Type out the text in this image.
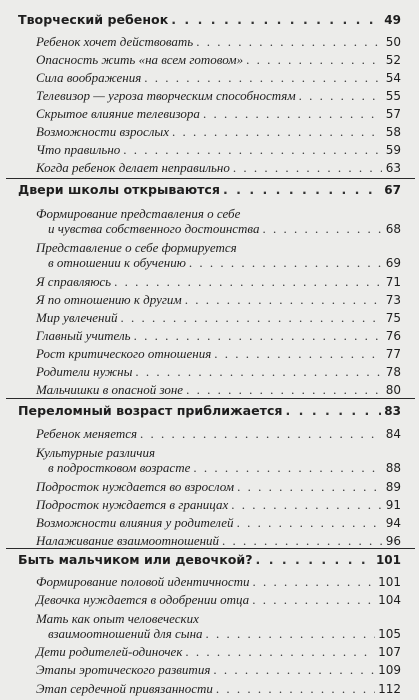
Творческий ребенок . . .	49
Ребенок хочет действовать . . .	50
Опасность жить «на всем готовом» . . .	52
Сила воображения . . .	54
Телевизор — угроза творческим способностям . . .	55
Скрытое влияние телевизора . . .	57
Возможности взрослых . . .	58
Что правильно . . .	59
Когда ребенок делает неправильно . . .	63
Двери школы открываются . . .	67
Формирование представления о себе
и чувства собственного достоинства . . .	68
Представление о себе формируется
в отношении к обучению . . .	69
Я справляюсь . . .	71
Я по отношению к другим . . .	73
Мир увлечений . . .	75
Главный учитель . . .	76
Рост критического отношения . . .	77
Родители нужны . . .	78
Мальчишки в опасной зоне . . .	80
Переломный возраст приближается . . .	83
Ребенок меняется . . .	84
Культурные различия
в подростковом возрасте . . .	88
Подросток нуждается во взрослом . . .	89
Подросток нуждается в границах . . .	91
Возможности влияния у родителей . . .	94
Налаживание взаимоотношений . . .	96
Быть мальчиком или девочкой? . . .	101
Формирование половой идентичности . . .	101
Девочка нуждается в одобрении отца . . .	104
Мать как опыт человеческих
взаимоотношений для сына . . .	105
Дети родителей-одиночек . . .	107
Этапы эротического развития . . .	109
Этап сердечной привязанности . . .	112
